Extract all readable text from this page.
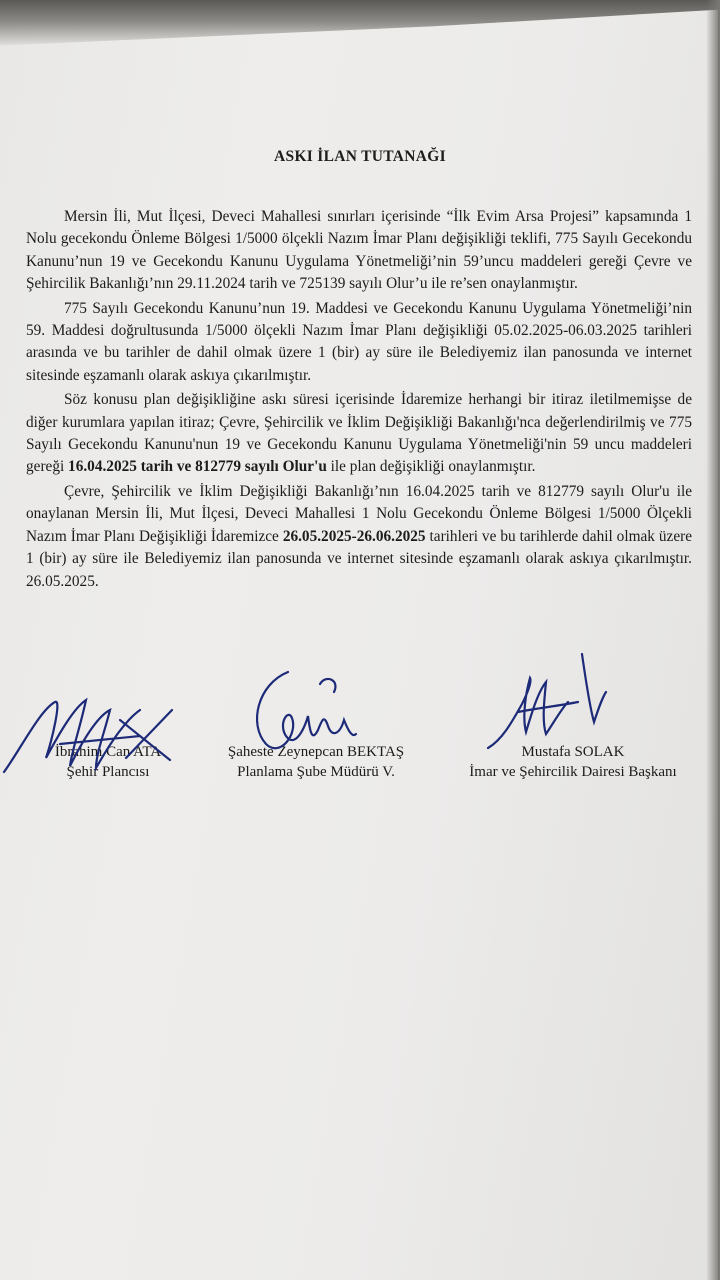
ASKI İLAN TUTANAĞI

Mersin İli, Mut İlçesi, Deveci Mahallesi sınırları içerisinde “İlk Evim Arsa Projesi” kapsamında 1 Nolu gecekondu Önleme Bölgesi 1/5000 ölçekli Nazım İmar Planı değişikliği teklifi, 775 Sayılı Gecekondu Kanunu’nun 19 ve Gecekondu Kanunu Uygulama Yönetmeliği’nin 59’uncu maddeleri gereği Çevre ve Şehircilik Bakanlığı’nın 29.11.2024 tarih ve 725139 sayılı Olur’u ile re’sen onaylanmıştır.

775 Sayılı Gecekondu Kanunu’nun 19. Maddesi ve Gecekondu Kanunu Uygulama Yönetmeliği’nin 59. Maddesi doğrultusunda 1/5000 ölçekli Nazım İmar Planı değişikliği 05.02.2025-06.03.2025 tarihleri arasında ve bu tarihler de dahil olmak üzere 1 (bir) ay süre ile Belediyemiz ilan panosunda ve internet sitesinde eşzamanlı olarak askıya çıkarılmıştır.

Söz konusu plan değişikliğine askı süresi içerisinde İdaremize herhangi bir itiraz iletilmemişse de diğer kurumlara yapılan itiraz; Çevre, Şehircilik ve İklim Değişikliği Bakanlığı'nca değerlendirilmiş ve 775 Sayılı Gecekondu Kanunu'nun 19 ve Gecekondu Kanunu Uygulama Yönetmeliği'nin 59 uncu maddeleri gereği 16.04.2025 tarih ve 812779 sayılı Olur'u ile plan değişikliği onaylanmıştır.

Çevre, Şehircilik ve İklim Değişikliği Bakanlığı’nın 16.04.2025 tarih ve 812779 sayılı Olur'u ile onaylanan Mersin İli, Mut İlçesi, Deveci Mahallesi 1 Nolu Gecekondu Önleme Bölgesi 1/5000 Ölçekli Nazım İmar Planı Değişikliği İdaremizce 26.05.2025-26.06.2025 tarihleri ve bu tarihlerde dahil olmak üzere 1 (bir) ay süre ile Belediyemiz ilan panosunda ve internet sitesinde eşzamanlı olarak askıya çıkarılmıştır. 26.05.2025.

İbrahim Can ATA
Şehir Plancısı
Şaheste Zeynepcan BEKTAŞ
Planlama Şube Müdürü V.
Mustafa SOLAK
İmar ve Şehircilik Dairesi Başkanı
